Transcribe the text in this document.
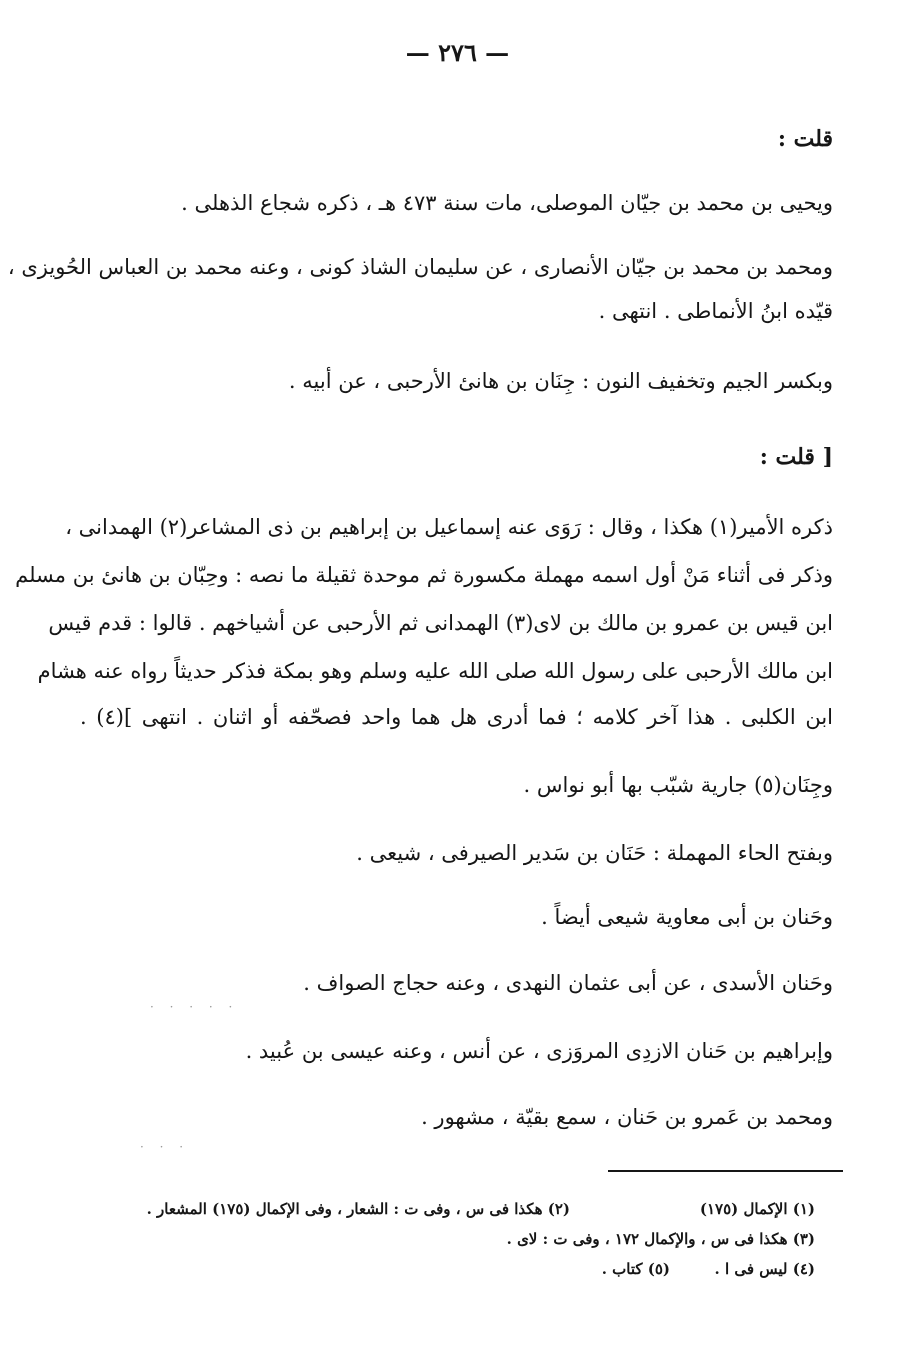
— ٢٧٦ —
قلت :
ويحيى بن محمد بن جيّان الموصلى، مات سنة ٤٧٣ هـ ، ذكره شجاع الذهلى .
ومحمد بن محمد بن جيّان الأنصارى ، عن سليمان الشاذ كونى ، وعنه محمد بن العباس الحُويزى ،
قيّده ابنُ الأنماطى . انتهى .
وبكسر الجيم وتخفيف النون : جِنَان بن هانئ الأرحبى ، عن أبيه .
[ قلت :
ذكره الأمير(١) هكذا ، وقال : رَوَى عنه إسماعيل بن إبراهيم بن ذى المشاعر(٢) الهمدانى ،
وذكر فى أثناء مَنْ أول اسمه مهملة مكسورة ثم موحدة ثقيلة ما نصه : وحِبّان بن هانئ بن مسلم
ابن قيس بن عمرو بن مالك بن لاى(٣) الهمدانى ثم الأرحبى عن أشياخهم . قالوا : قدم قيس
ابن مالك الأرحبى على رسول الله صلى الله عليه وسلم وهو بمكة فذكر حديثاً رواه عنه هشام
ابن الكلبى . هذا آخر كلامه ؛ فما أدرى هل هما واحد فصحّفه أو اثنان . انتهى ](٤) .
وجِنَان(٥) جارية شبّب بها أبو نواس .
وبفتح الحاء المهملة : حَنَان بن سَدير الصيرفى ، شيعى .
وحَنان بن أبى معاوية شيعى أيضاً .
وحَنان الأسدى ، عن أبى عثمان النهدى ، وعنه حجاج الصواف .
وإبراهيم بن حَنان الازدِى المروَزى ، عن أنس ، وعنه عيسى بن عُبيد .
ومحمد بن عَمرو بن حَنان ، سمع بقيّة ، مشهور .
· · · · ·
· · ·
(١) الإكمال (١٧٥)
(٢) هكذا فى س ، وفى ت : الشعار ، وفى الإكمال (١٧٥) المشعار .
(٣) هكذا فى س ، والإكمال ١٧٢ ، وفى ت : لاى .
(٤) ليس فى ا .
(٥) كتاب .
